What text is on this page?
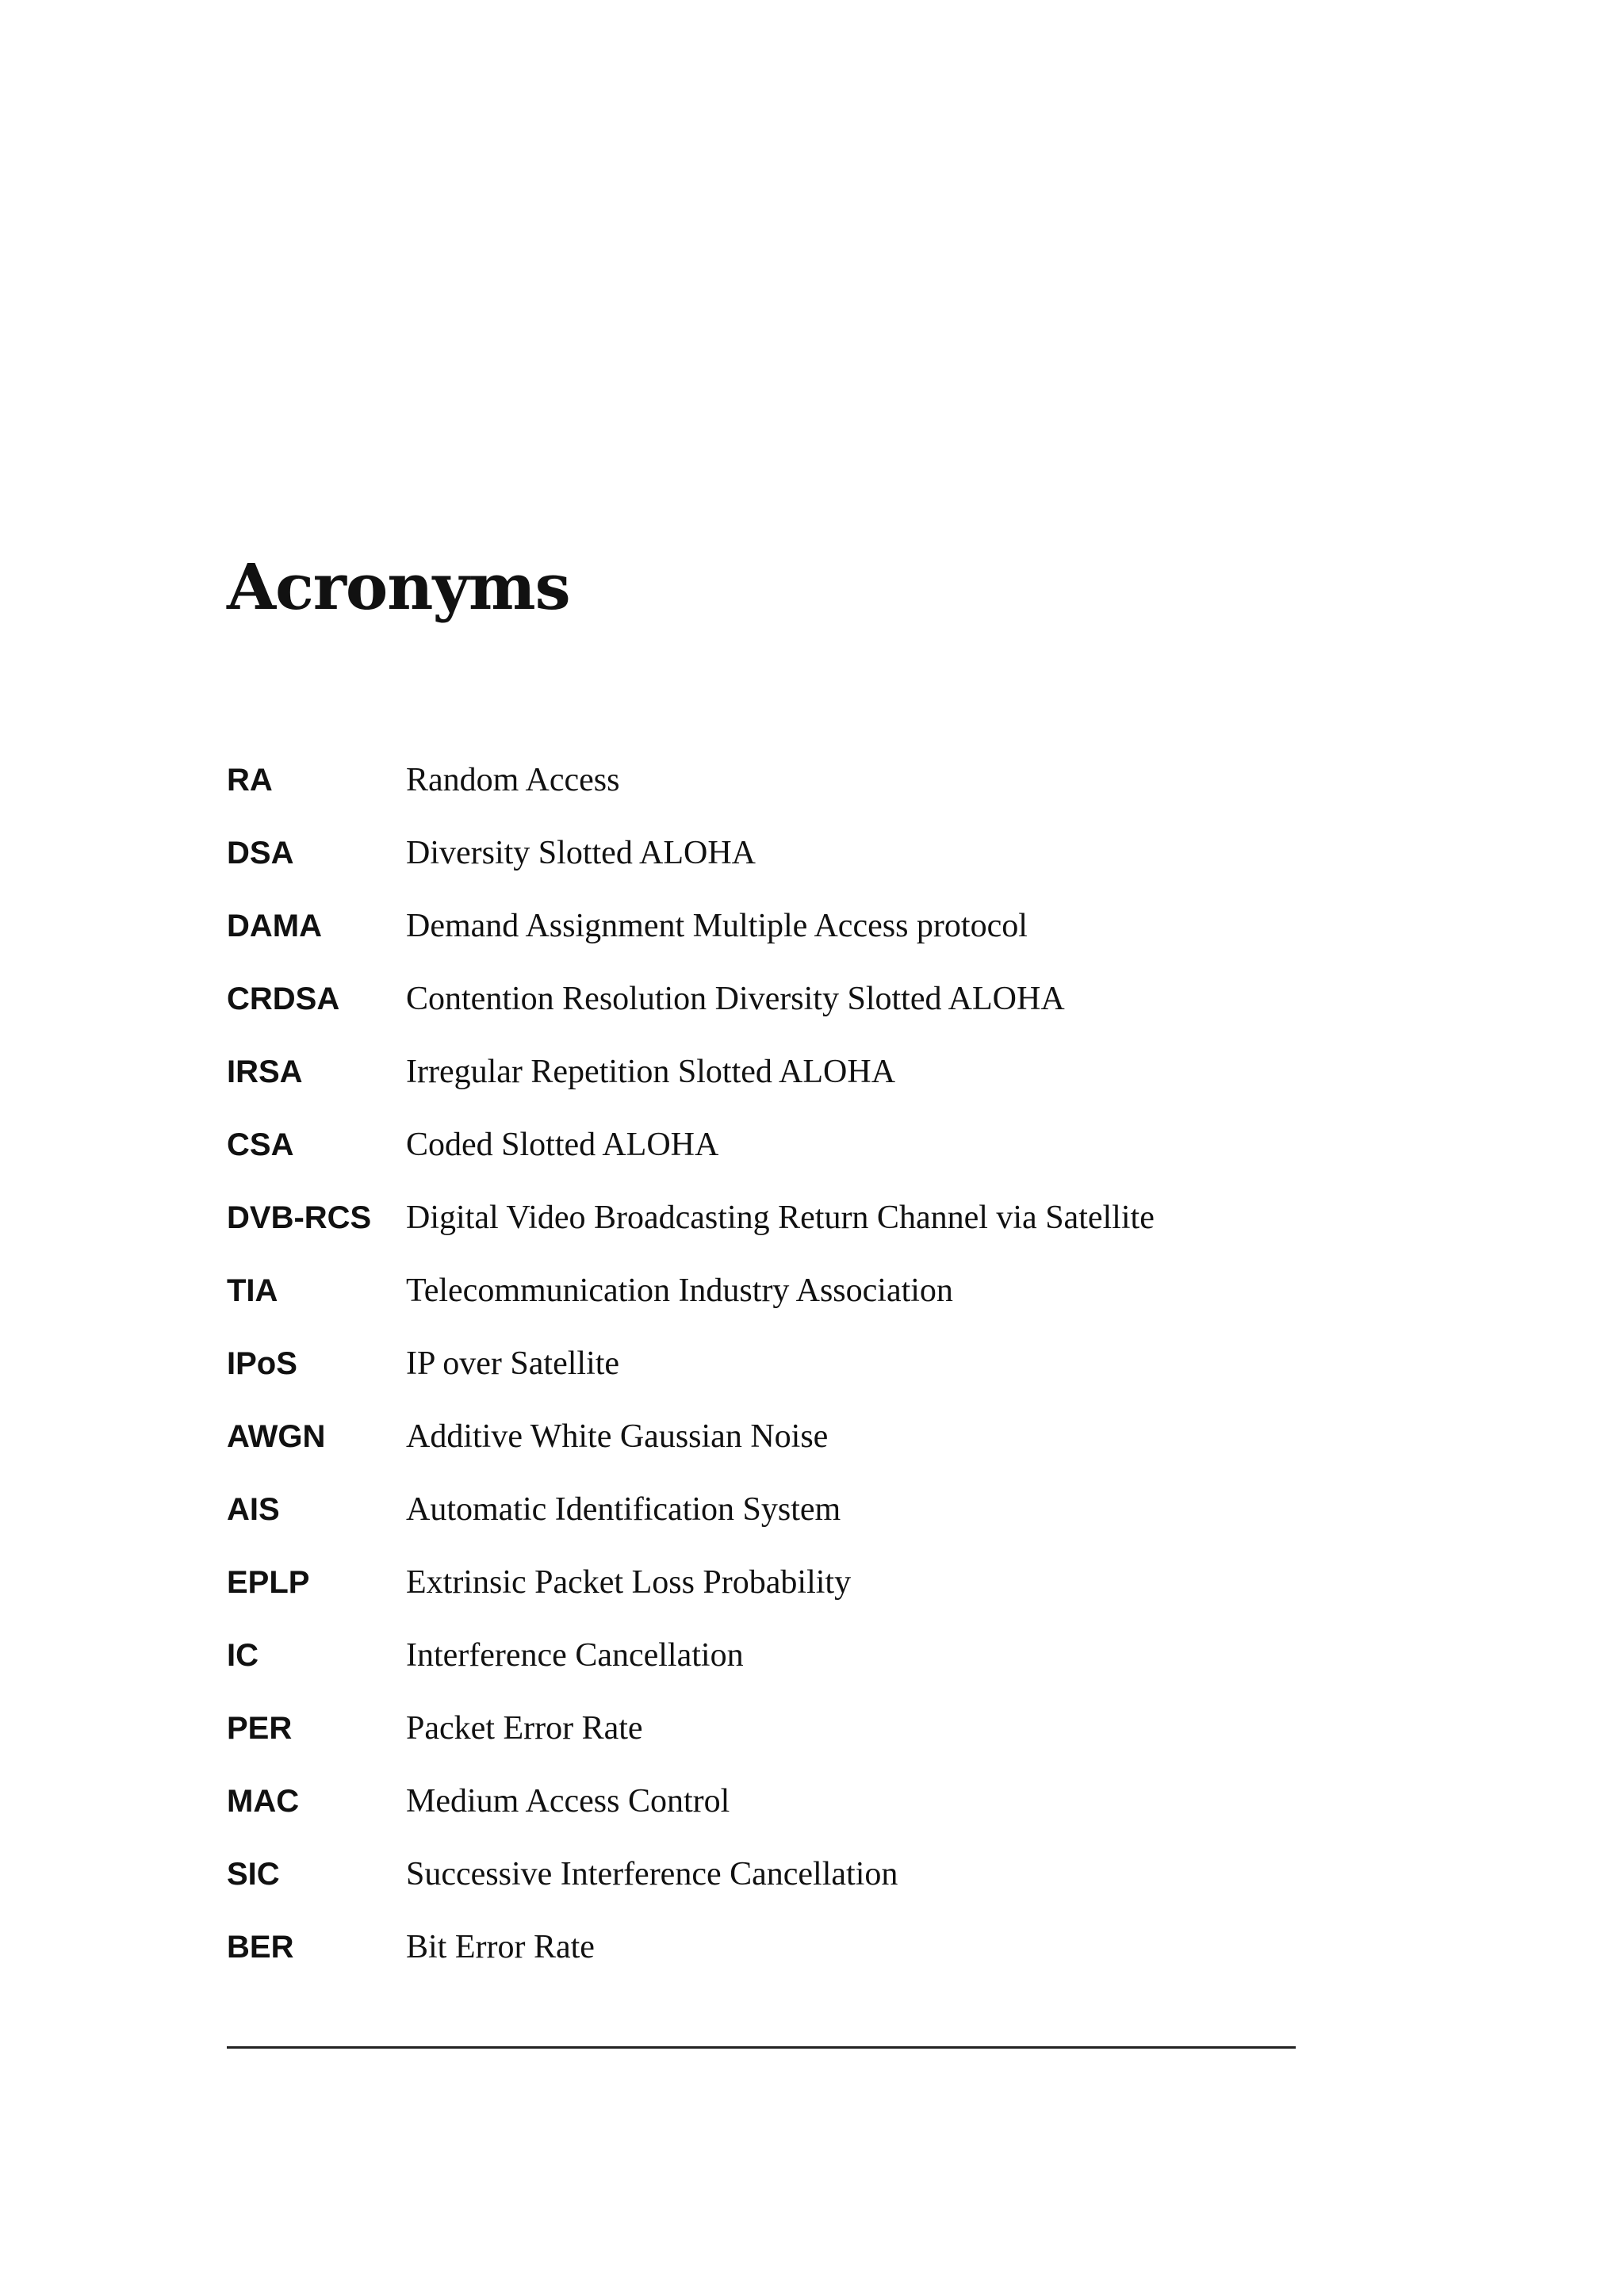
Acronyms
RA	Random Access
DSA	Diversity Slotted ALOHA
DAMA	Demand Assignment Multiple Access protocol
CRDSA	Contention Resolution Diversity Slotted ALOHA
IRSA	Irregular Repetition Slotted ALOHA
CSA	Coded Slotted ALOHA
DVB-RCS	Digital Video Broadcasting Return Channel via Satellite
TIA	Telecommunication Industry Association
IPoS	IP over Satellite
AWGN	Additive White Gaussian Noise
AIS	Automatic Identification System
EPLP	Extrinsic Packet Loss Probability
IC	Interference Cancellation
PER	Packet Error Rate
MAC	Medium Access Control
SIC	Successive Interference Cancellation
BER	Bit Error Rate
